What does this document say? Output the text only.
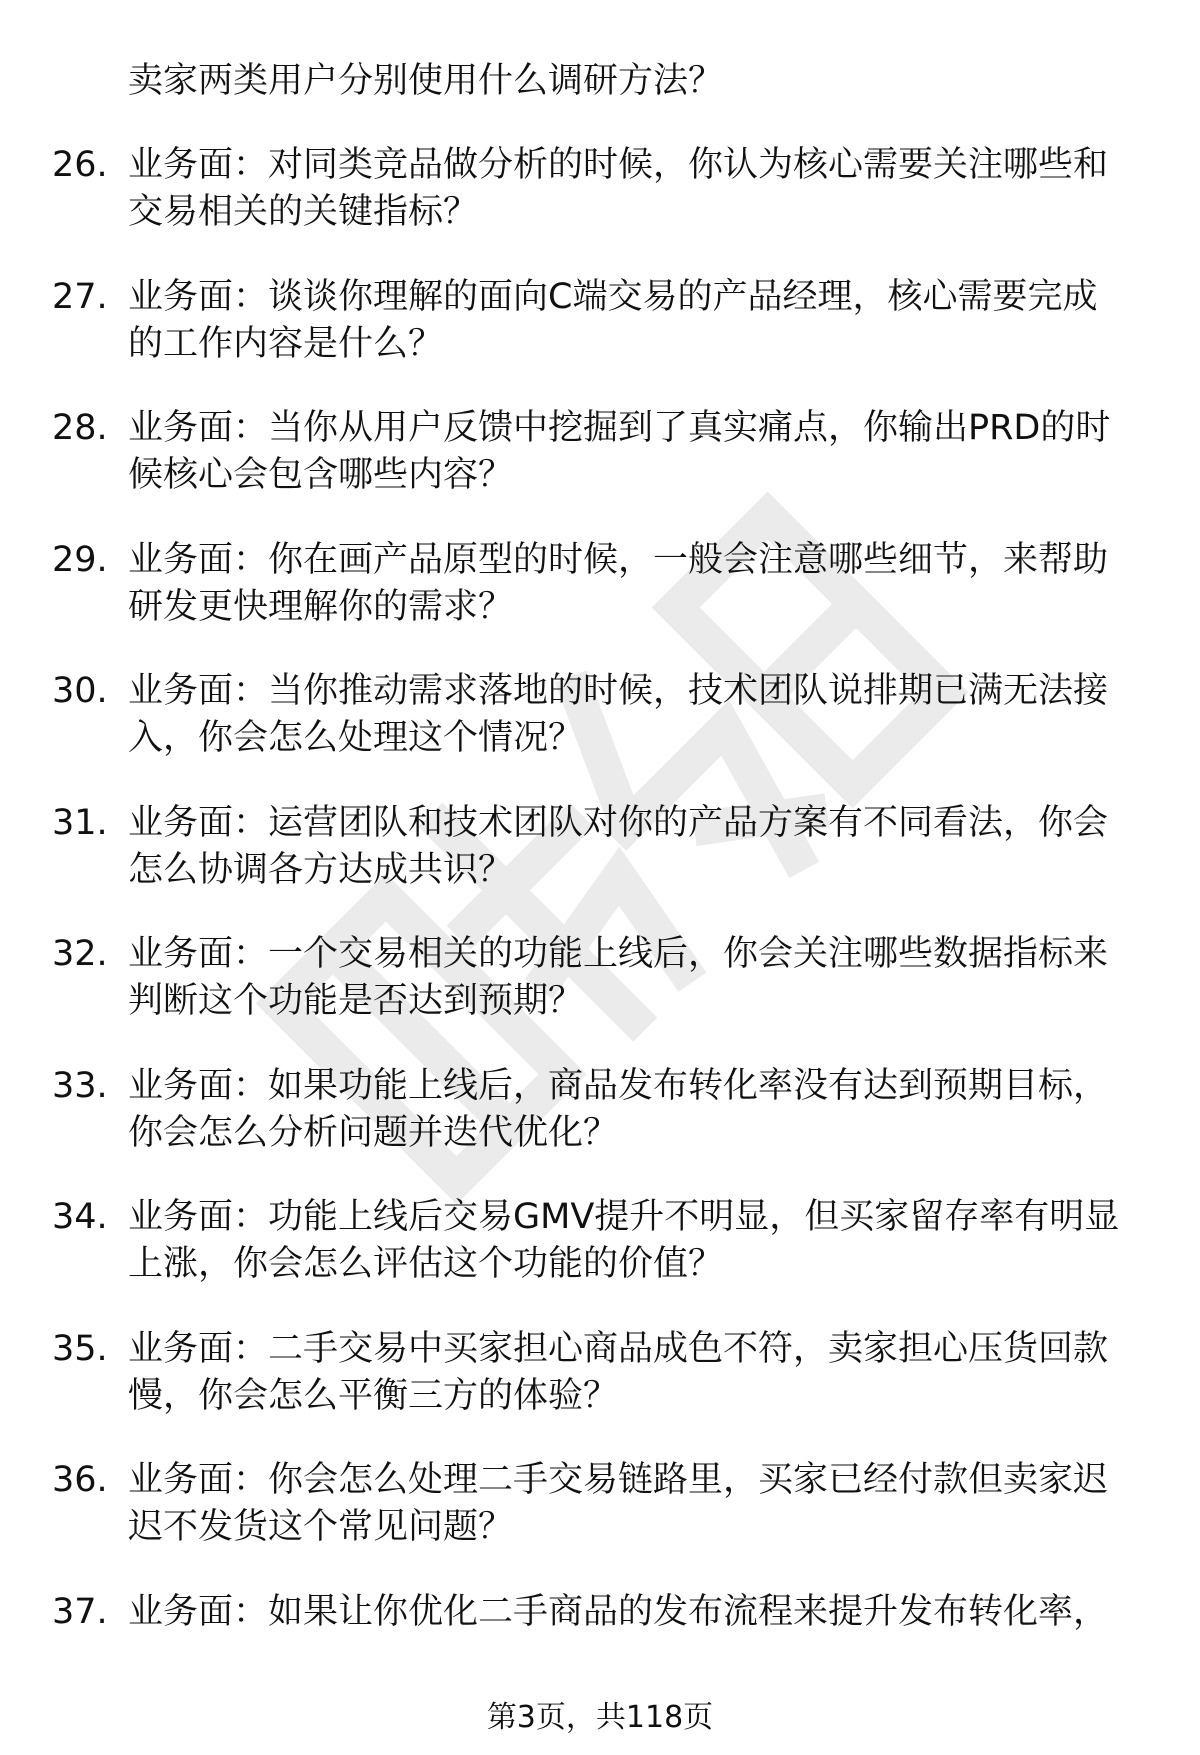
卖家两类用户分别使用什么调研方法？
26. 业务面：对同类竞品做分析的时候，你认为核心需要关注哪些和
交易相关的关键指标？
27. 业务面：谈谈你理解的面向C端交易的产品经理，核心需要完成
的工作内容是什么？
28. 业务面：当你从用户反馈中挖掘到了真实痛点，你输出PRD的时
候核心会包含哪些内容？
29. 业务面：你在画产品原型的时候，一般会注意哪些细节，来帮助
研发更快理解你的需求？
30. 业务面：当你推动需求落地的时候，技术团队说排期已满无法接
入，你会怎么处理这个情况？
31. 业务面：运营团队和技术团队对你的产品方案有不同看法，你会
怎么协调各方达成共识？
32. 业务面：一个交易相关的功能上线后，你会关注哪些数据指标来
判断这个功能是否达到预期？
33. 业务面：如果功能上线后，商品发布转化率没有达到预期目标，
你会怎么分析问题并迭代优化？
34. 业务面：功能上线后交易GMV提升不明显，但买家留存率有明显
上涨，你会怎么评估这个功能的价值？
35. 业务面：二手交易中买家担心商品成色不符，卖家担心压货回款
慢，你会怎么平衡三方的体验？
36. 业务面：你会怎么处理二手交易链路里，买家已经付款但卖家迟
迟不发货这个常见问题？
37. 业务面：如果让你优化二手商品的发布流程来提升发布转化率，
第3页，共118页
